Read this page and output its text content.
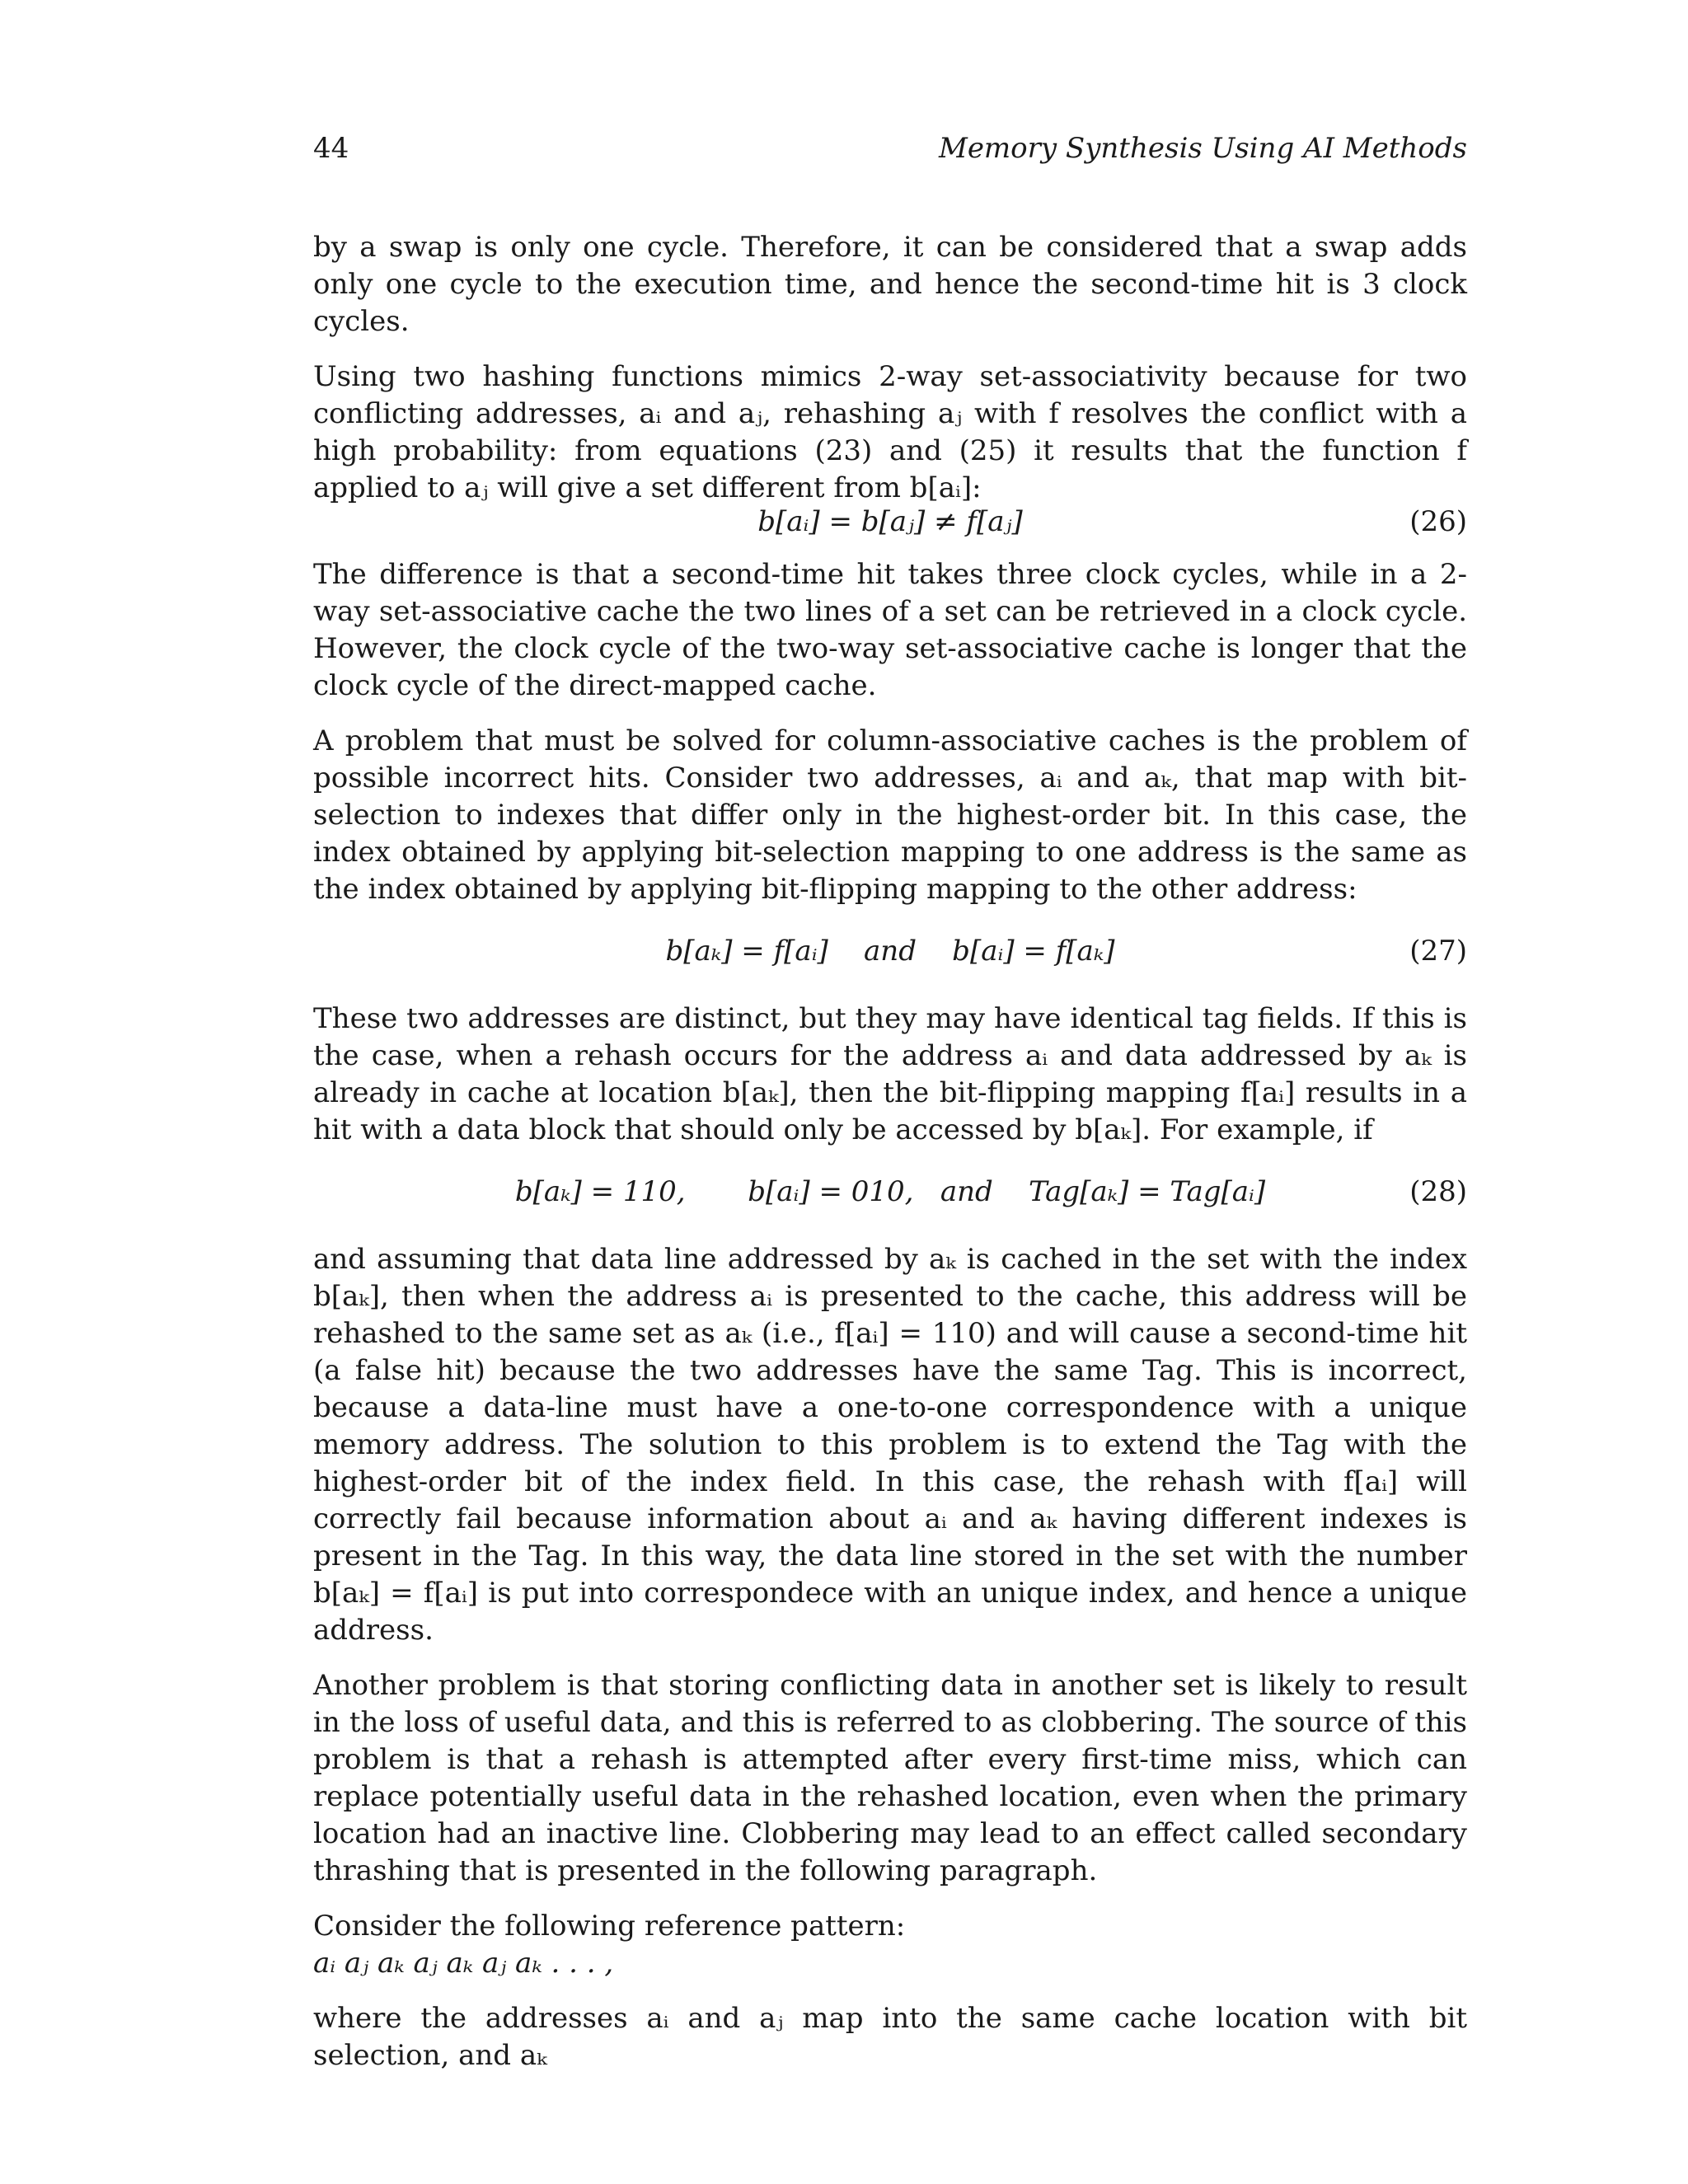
44	Memory Synthesis Using AI Methods

by a swap is only one cycle. Therefore, it can be considered that a swap adds only one cycle to the execution time, and hence the second-time hit is 3 clock cycles.

Using two hashing functions mimics 2-way set-associativity because for two conflicting addresses, aᵢ and aⱼ, rehashing aⱼ with f resolves the conflict with a high probability: from equations (23) and (25) it results that the function f applied to aⱼ will give a set different from b[aᵢ]:

b[aᵢ] = b[aⱼ] ≠ f[aⱼ]	(26)

The difference is that a second-time hit takes three clock cycles, while in a 2-way set-associative cache the two lines of a set can be retrieved in a clock cycle. However, the clock cycle of the two-way set-associative cache is longer that the clock cycle of the direct-mapped cache.

A problem that must be solved for column-associative caches is the problem of possible incorrect hits. Consider two addresses, aᵢ and aₖ, that map with bit-selection to indexes that differ only in the highest-order bit. In this case, the index obtained by applying bit-selection mapping to one address is the same as the index obtained by applying bit-flipping mapping to the other address:

b[aₖ] = f[aᵢ]    and    b[aᵢ] = f[aₖ]	(27)

These two addresses are distinct, but they may have identical tag fields. If this is the case, when a rehash occurs for the address aᵢ and data addressed by aₖ is already in cache at location b[aₖ], then the bit-flipping mapping f[aᵢ] results in a hit with a data block that should only be accessed by b[aₖ]. For example, if

b[aₖ] = 110,       b[aᵢ] = 010,   and    Tag[aₖ] = Tag[aᵢ]	(28)

and assuming that data line addressed by aₖ is cached in the set with the index b[aₖ], then when the address aᵢ is presented to the cache, this address will be rehashed to the same set as aₖ (i.e., f[aᵢ] = 110) and will cause a second-time hit (a false hit) because the two addresses have the same Tag. This is incorrect, because a data-line must have a one-to-one correspondence with a unique memory address. The solution to this problem is to extend the Tag with the highest-order bit of the index field. In this case, the rehash with f[aᵢ] will correctly fail because information about aᵢ and aₖ having different indexes is present in the Tag. In this way, the data line stored in the set with the number b[aₖ] = f[aᵢ] is put into correspondece with an unique index, and hence a unique address.

Another problem is that storing conflicting data in another set is likely to result in the loss of useful data, and this is referred to as clobbering. The source of this problem is that a rehash is attempted after every first-time miss, which can replace potentially useful data in the rehashed location, even when the primary location had an inactive line. Clobbering may lead to an effect called secondary thrashing that is presented in the following paragraph.

Consider the following reference pattern:

aᵢ aⱼ aₖ aⱼ aₖ aⱼ aₖ . . . ,

where the addresses aᵢ and aⱼ map into the same cache location with bit selection, and aₖ
